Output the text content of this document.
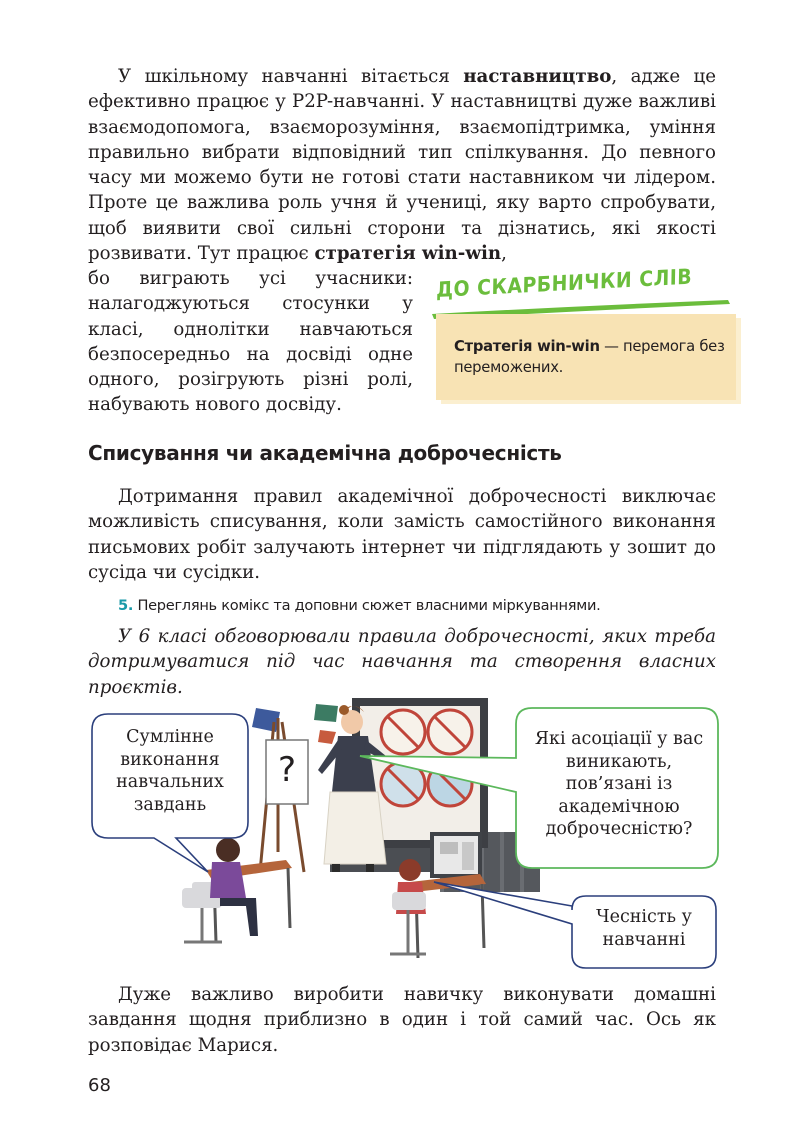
У шкільному навчанні вітається наставництво, адже це ефективно працює у P2P-навчанні. У наставництві дуже важливі взаємодопомога, взаєморозуміння, взаємопідтримка, уміння правильно вибрати відповідний тип спілкування. До певного часу ми можемо бути не готові стати наставником чи лідером. Проте це важлива роль учня й учениці, яку варто спробувати, щоб виявити свої сильні сторони та дізнатись, які якості розвивати. Тут працює стратегія win-win,

бо виграють усі учасники: налагоджуються стосунки у класі, однолітки навчаються безпосередньо на досвіді одне одного, розігрують різні ролі, набувають нового досвіду.

ДО СКАРБНИЧКИ СЛІВ

Стратегія win-win — перемога без переможених.

Списування чи академічна доброчесність

Дотримання правил академічної доброчесності виключає можливість списування, коли замість самостійного виконання письмових робіт залучають інтернет чи підглядають у зошит до сусіда чи сусідки.

5. Переглянь комікс та доповни сюжет власними міркуваннями.

У 6 класі обговорювали правила доброчесності, яких треба дотримуватися під час навчання та створення власних проєктів.

Сумлінне виконання навчальних завдань

Які асоціації у вас виникають, пов’язані із академічною доброчесністю?

Чесність у навчанні

?

Дуже важливо виробити навичку виконувати домашні завдання щодня приблизно в один і той самий час. Ось як розповідає Марися.

68
